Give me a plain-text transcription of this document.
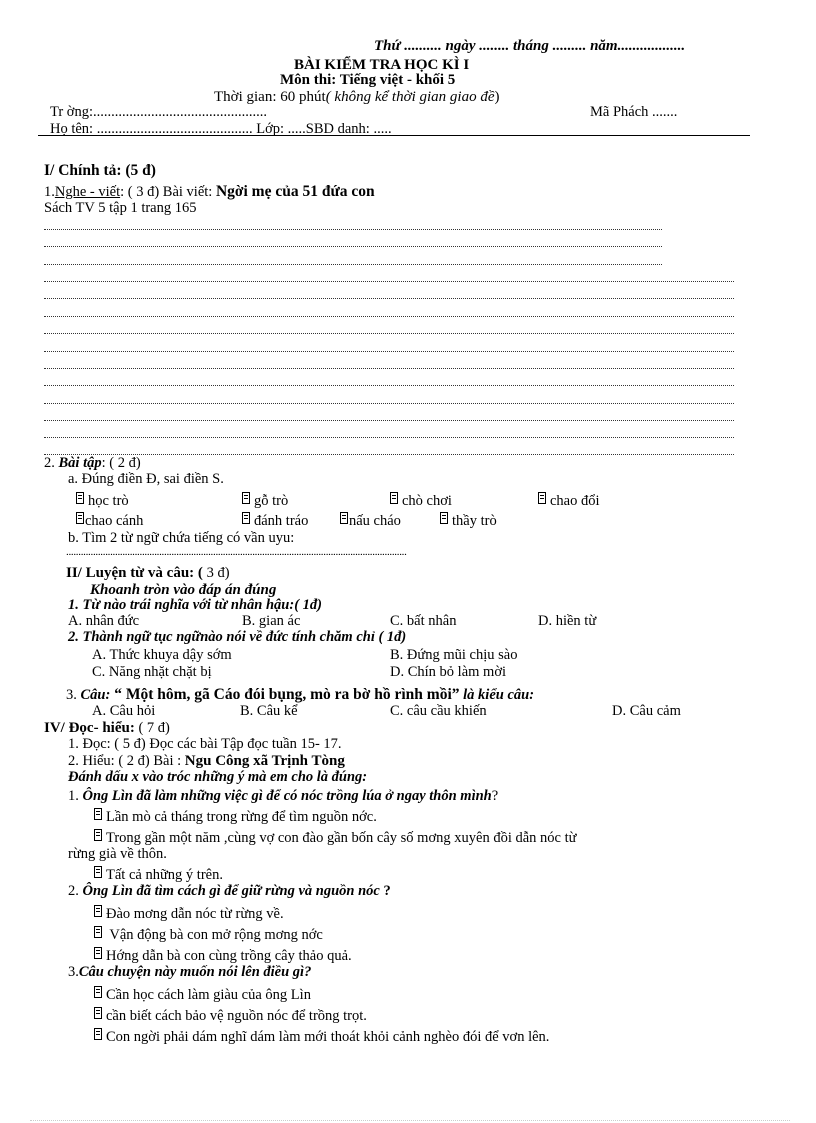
Thứ .......... ngày ........ tháng ......... năm..................
BÀI KIỂM TRA HỌC KÌ I
Môn thi: Tiếng việt - khối 5
Thời gian: 60 phút( không kể thời gian giao đề)
Tr ờng:................................................	Mã Phách .......
Họ tên: ........................................... Lớp: .....SBD danh: .....
I/ Chính tả: (5 đ)
1.Nghe - viết: ( 3 đ) Bài viết: Ngời mẹ của 51 đứa con
Sách TV 5 tập 1 trang 165
2. Bài tập: ( 2 đ)
a. Đúng điền Đ, sai điền S.
học trò	gỗ trò	chò chơi	chao đổi
chao cánh	đánh tráo	nấu cháo	thầy trò
b. Tìm 2 từ ngữ chứa tiếng có vần uyu:
...........................................................................................................................................
II/ Luyện từ và câu: ( 3 đ)
Khoanh tròn vào đáp án đúng
1. Từ nào trái nghĩa với từ nhân hậu:( 1đ)
A. nhân đức	B. gian ác	C. bất nhân	D. hiền từ
2. Thành ngữ tục ngữnào nói về đức tính chăm chỉ ( 1đ)
A. Thức khuya dậy sớm	B. Đứng mũi chịu sào
C. Năng nhặt chặt bị	D. Chín bỏ làm mời
3. Câu: “ Một hôm, gã Cáo đói bụng, mò ra bờ hồ rình mồi” là kiểu câu:
A. Câu hỏi	B. Câu kể	C. câu cầu khiến	D. Câu cảm
IV/ Đọc- hiểu: ( 7 đ)
1. Đọc: ( 5 đ) Đọc các bài Tập đọc tuần 15- 17.
2. Hiểu: ( 2 đ) Bài : Ngu Công xã Trịnh Tòng
Đánh dấu x vào tróc những ý mà em cho là đúng:
1. Ông Lìn đã làm những việc gì để có nóc trồng lúa ở ngay thôn mình?
Lần mò cả tháng trong rừng để tìm nguồn nớc.
Trong gần một năm ,cùng vợ con đào gần bốn cây số mơng xuyên đồi dẫn nóc từ
rừng già về thôn.
Tất cả những ý trên.
2. Ông Lìn đã tìm cách gì để giữ rừng và nguồn nóc ?
Đào mơng dẫn nóc từ rừng về.
Vận động bà con mở rộng mơng nớc
Hớng dẫn bà con cùng trồng cây thảo quả.
3.Câu chuyện này muốn nói lên điều gì?
Cần học cách làm giàu của ông Lìn
cần biết cách bảo vệ nguồn nóc để trồng trọt.
Con ngời phải dám nghĩ dám làm mới thoát khỏi cảnh nghèo đói để vơn lên.
